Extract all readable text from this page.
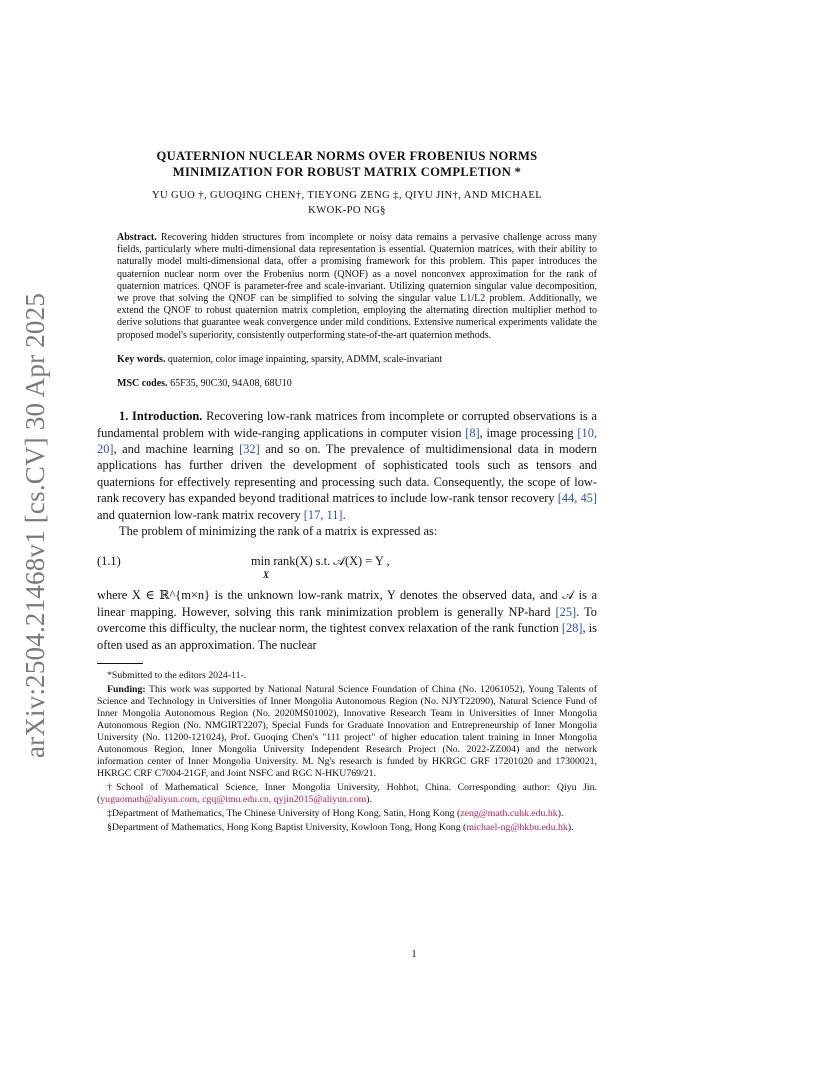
arXiv:2504.21468v1 [cs.CV] 30 Apr 2025
QUATERNION NUCLEAR NORMS OVER FROBENIUS NORMS
MINIMIZATION FOR ROBUST MATRIX COMPLETION *
YU GUO †, GUOQING CHEN†, TIEYONG ZENG ‡, QIYU JIN†, AND MICHAEL
KWOK-PO NG§
Abstract. Recovering hidden structures from incomplete or noisy data remains a pervasive challenge across many fields, particularly where multi-dimensional data representation is essential. Quaternion matrices, with their ability to naturally model multi-dimensional data, offer a promising framework for this problem. This paper introduces the quaternion nuclear norm over the Frobenius norm (QNOF) as a novel nonconvex approximation for the rank of quaternion matrices. QNOF is parameter-free and scale-invariant. Utilizing quaternion singular value decomposition, we prove that solving the QNOF can be simplified to solving the singular value L1/L2 problem. Additionally, we extend the QNOF to robust quaternion matrix completion, employing the alternating direction multiplier method to derive solutions that guarantee weak convergence under mild conditions. Extensive numerical experiments validate the proposed model's superiority, consistently outperforming state-of-the-art quaternion methods.
Key words. quaternion, color image inpainting, sparsity, ADMM, scale-invariant
MSC codes. 65F35, 90C30, 94A08, 68U10

1. Introduction. Recovering low-rank matrices from incomplete or corrupted observations is a fundamental problem with wide-ranging applications in computer vision [8], image processing [10, 20], and machine learning [32] and so on. The prevalence of multidimensional data in modern applications has further driven the development of sophisticated tools such as tensors and quaternions for effectively representing and processing such data. Consequently, the scope of low-rank recovery has expanded beyond traditional matrices to include low-rank tensor recovery [44, 45] and quaternion low-rank matrix recovery [17, 11].

The problem of minimizing the rank of a matrix is expressed as:

(1.1)	min rank(X) s.t. 𝒜(X) = Y ,
X

where X ∈ ℝ^{m×n} is the unknown low-rank matrix, Y denotes the observed data, and 𝒜 is a linear mapping. However, solving this rank minimization problem is generally NP-hard [25]. To overcome this difficulty, the nuclear norm, the tightest convex relaxation of the rank function [28], is often used as an approximation. The nuclear

*Submitted to the editors 2024-11-.

Funding: This work was supported by National Natural Science Foundation of China (No. 12061052), Young Talents of Science and Technology in Universities of Inner Mongolia Autonomous Region (No. NJYT22090), Natural Science Fund of Inner Mongolia Autonomous Region (No. 2020MS01002), Innovative Research Team in Universities of Inner Mongolia Autonomous Region (No. NMGIRT2207), Special Funds for Graduate Innovation and Entrepreneurship of Inner Mongolia University (No. 11200-121024), Prof. Guoqing Chen's "111 project" of higher education talent training in Inner Mongolia Autonomous Region, Inner Mongolia University Independent Research Project (No. 2022-ZZ004) and the network information center of Inner Mongolia University. M. Ng's research is funded by HKRGC GRF 17201020 and 17300021, HKRGC CRF C7004-21GF, and Joint NSFC and RGC N-HKU769/21.

†School of Mathematical Science, Inner Mongolia University, Hohhot, China. Corresponding author: Qiyu Jin. (yuguomath@aliyun.com, cgq@imu.edu.cn, qyjin2015@aliyun.com).

‡Department of Mathematics, The Chinese University of Hong Kong, Satin, Hong Kong (zeng@math.cuhk.edu.hk).

§Department of Mathematics, Hong Kong Baptist University, Kowloon Tong, Hong Kong (michael-ng@hkbu.edu.hk).

1
